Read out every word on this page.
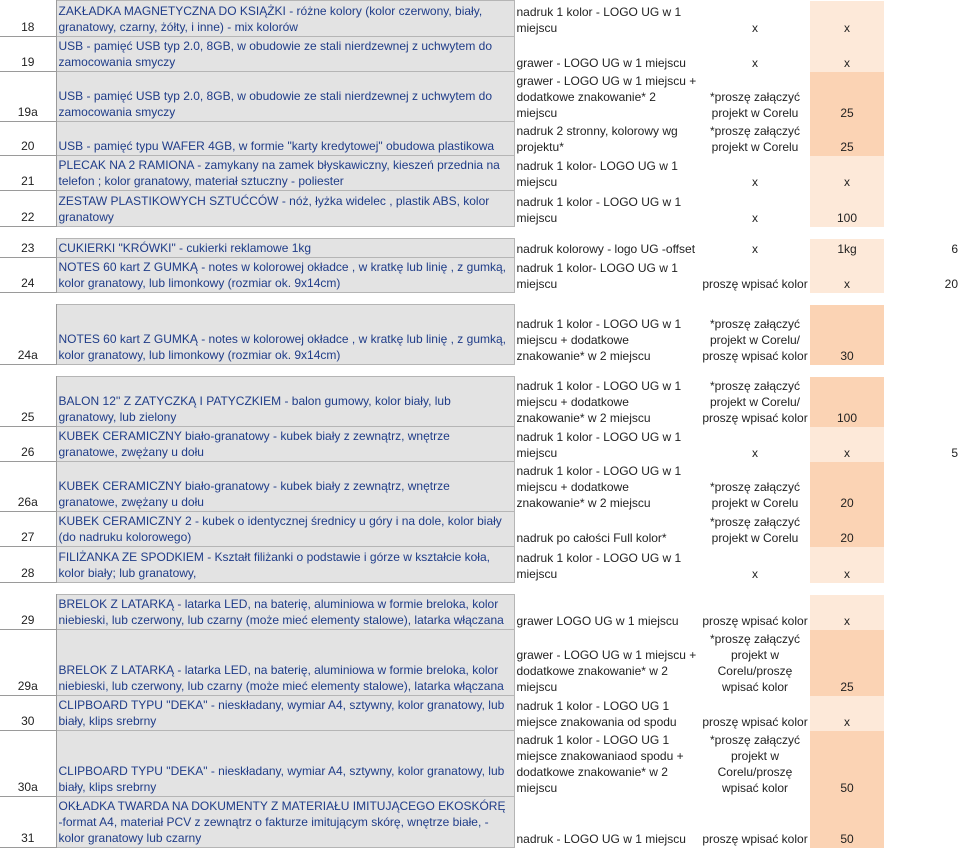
18	ZAKŁADKA MAGNETYCZNA DO KSIĄŻKI - różne kolory (kolor czerwony, biały, granatowy, czarny, żółty, i inne) - mix kolorów	nadruk 1 kolor - LOGO UG w 1 miejscu	x	x	
19	USB - pamięć USB typ 2.0, 8GB, w obudowie ze stali nierdzewnej z uchwytem do zamocowania smyczy	grawer - LOGO UG w 1 miejscu	x	x	
19a	USB - pamięć USB typ 2.0, 8GB, w obudowie ze stali nierdzewnej z uchwytem do zamocowania smyczy	grawer - LOGO UG w 1 miejscu + dodatkowe znakowanie* 2 miejscu	*proszę załączyć projekt w Corelu	25	
20	USB - pamięć typu WAFER 4GB, w formie "karty kredytowej" obudowa plastikowa	nadruk 2 stronny, kolorowy wg projektu*	*proszę załączyć projekt w Corelu	25	
21	PLECAK NA 2 RAMIONA - zamykany na zamek błyskawiczny, kieszeń przednia na telefon ; kolor granatowy, materiał sztuczny - poliester	nadruk 1 kolor- LOGO UG w 1 miejscu	x	x	
22	ZESTAW PLASTIKOWYCH SZTUĆCÓW - nóż, łyżka widelec , plastik ABS, kolor granatowy	nadruk 1 kolor - LOGO UG w 1 miejscu	x	100	

23	CUKIERKI "KRÓWKI" - cukierki reklamowe 1kg	nadruk kolorowy - logo UG -offset	x	1kg	6
24	NOTES 60 kart Z GUMKĄ - notes w kolorowej okładce , w kratkę lub linię , z gumką, kolor granatowy, lub limonkowy (rozmiar ok. 9x14cm)	nadruk 1 kolor- LOGO UG w 1 miejscu	proszę wpisać kolor	x	20

24a	NOTES 60 kart Z GUMKĄ - notes w kolorowej okładce , w kratkę lub linię , z gumką, kolor granatowy, lub limonkowy (rozmiar ok. 9x14cm)	nadruk 1 kolor - LOGO UG w 1 miejscu + dodatkowe znakowanie* w 2 miejscu	*proszę załączyć projekt w Corelu/ proszę wpisać kolor	30	

25	BALON 12'' Z ZATYCZKĄ I PATYCZKIEM - balon gumowy, kolor biały, lub granatowy, lub zielony	nadruk 1 kolor - LOGO UG w 1 miejscu + dodatkowe znakowanie* w 2 miejscu	*proszę załączyć projekt w Corelu/ proszę wpisać kolor	100	
26	KUBEK CERAMICZNY biało-granatowy - kubek biały z zewnątrz, wnętrze granatowe, zwężany u dołu	nadruk 1 kolor - LOGO UG w 1 miejscu	x	x	5
26a	KUBEK CERAMICZNY biało-granatowy - kubek biały z zewnątrz, wnętrze granatowe, zwężany u dołu	nadruk 1 kolor - LOGO UG w 1 miejscu + dodatkowe znakowanie* w 2 miejscu	*proszę załączyć projekt w Corelu	20	
27	KUBEK CERAMICZNY 2 - kubek o identycznej średnicy u góry i na dole, kolor biały (do nadruku kolorowego)	nadruk po całości Full kolor*	*proszę załączyć projekt w Corelu	20	
28	FILIŻANKA ZE SPODKIEM - Kształt filiżanki o podstawie i górze w kształcie koła, kolor biały; lub granatowy,	nadruk 1 kolor - LOGO UG w 1 miejscu	x	x	

29	BRELOK Z LATARKĄ - latarka LED, na baterię, aluminiowa w formie breloka, kolor niebieski, lub czerwony, lub czarny (może mieć elementy stalowe), latarka włączana	grawer LOGO UG w 1 miejscu	proszę wpisać kolor	x	
29a	BRELOK Z LATARKĄ - latarka LED, na baterię, aluminiowa w formie breloka, kolor niebieski, lub czerwony, lub czarny (może mieć elementy stalowe), latarka włączana	grawer - LOGO UG w 1 miejscu + dodatkowe znakowanie* w 2 miejscu	*proszę załączyć projekt w Corelu/proszę wpisać kolor	25	
30	CLIPBOARD TYPU "DEKA" - nieskładany, wymiar A4, sztywny, kolor granatowy, lub biały, klips srebrny	nadruk 1 kolor - LOGO UG 1 miejsce znakowania od spodu	proszę wpisać kolor	x	
30a	CLIPBOARD TYPU "DEKA" - nieskładany, wymiar A4, sztywny, kolor granatowy, lub biały, klips srebrny	nadruk 1 kolor - LOGO UG 1 miejsce znakowaniaod spodu + dodatkowe znakowanie* w 2 miejscu	*proszę załączyć projekt w Corelu/proszę wpisać kolor	50	
31	OKŁADKA TWARDA NA DOKUMENTY Z MATERIAŁU IMITUJĄCEGO EKOSKÓRĘ -format A4, materiał PCV z zewnątrz o fakturze imitującym skórę, wnętrze białe, - kolor granatowy lub czarny	nadruk - LOGO UG w 1 miejscu	proszę wpisać kolor	50	
